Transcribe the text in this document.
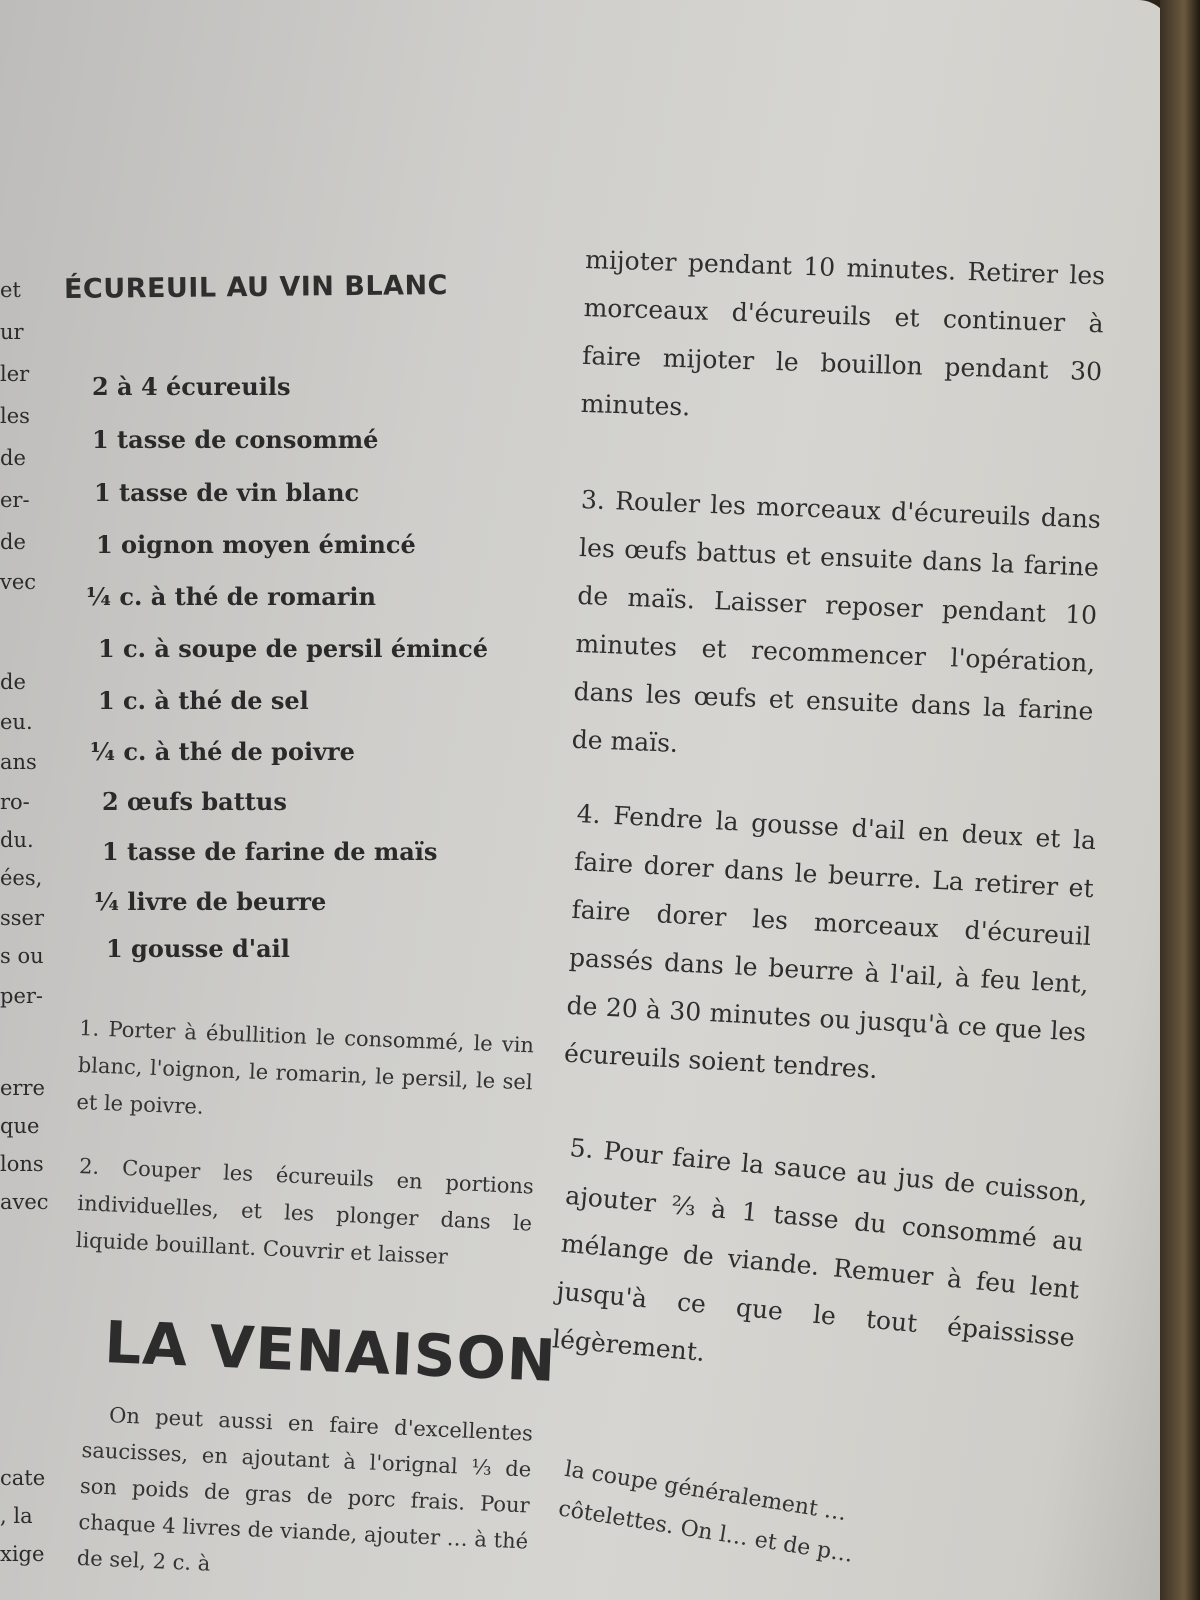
et
ur
ler
les
de
er-
de
vec
de
eu.
ans
ro-
du.
ées,
sser
s ou
per-
erre
que
lons
avec
cate
, la
xige
ÉCUREUIL AU VIN BLANC
2 à 4 écureuils
1 tasse de consommé
1 tasse de vin blanc
1 oignon moyen émincé
¼ c. à thé de romarin
1 c. à soupe de persil émincé
1 c. à thé de sel
¼ c. à thé de poivre
2 œufs battus
1 tasse de farine de maïs
¼ livre de beurre
1 gousse d'ail
1. Porter à ébullition le consommé, le vin blanc, l'oignon, le romarin, le persil, le sel et le poivre.
2. Couper les écureuils en portions individuelles, et les plonger dans le liquide bouillant. Couvrir et laisser
LA VENAISON
On peut aussi en faire d'excellentes saucisses, en ajoutant à l'orignal ⅓ de son poids de gras de porc frais. Pour chaque 4 livres de viande, ajouter … à thé de sel, 2 c. à
mijoter pendant 10 minutes. Retirer les morceaux d'écureuils et continuer à faire mijoter le bouillon pendant 30 minutes.
3. Rouler les morceaux d'écureuils dans les œufs battus et ensuite dans la farine de maïs. Laisser reposer pendant 10 minutes et recommencer l'opération, dans les œufs et ensuite dans la farine de maïs.
4. Fendre la gousse d'ail en deux et la faire dorer dans le beurre. La retirer et faire dorer les morceaux d'écureuil passés dans le beurre à l'ail, à feu lent, de 20 à 30 minutes ou jusqu'à ce que les écureuils soient tendres.
5. Pour faire la sauce au jus de cuisson, ajouter ⅔ à 1 tasse du consommé au mélange de viande. Remuer à feu lent jusqu'à ce que le tout épaississe légèrement.
la coupe généralement … côtelettes. On l… et de p…
